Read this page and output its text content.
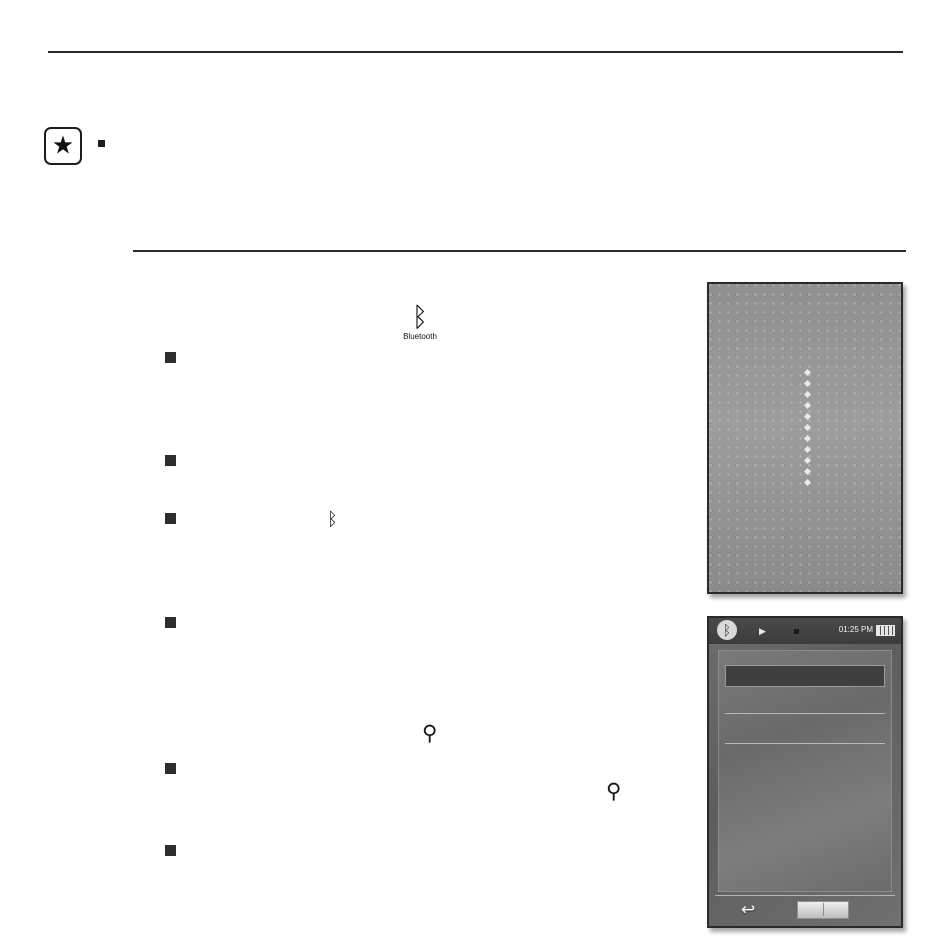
★
ᛒ
Bluetooth
ᛒ
⚲
⚲
ᛒ	▶	01:25 PM
↩
